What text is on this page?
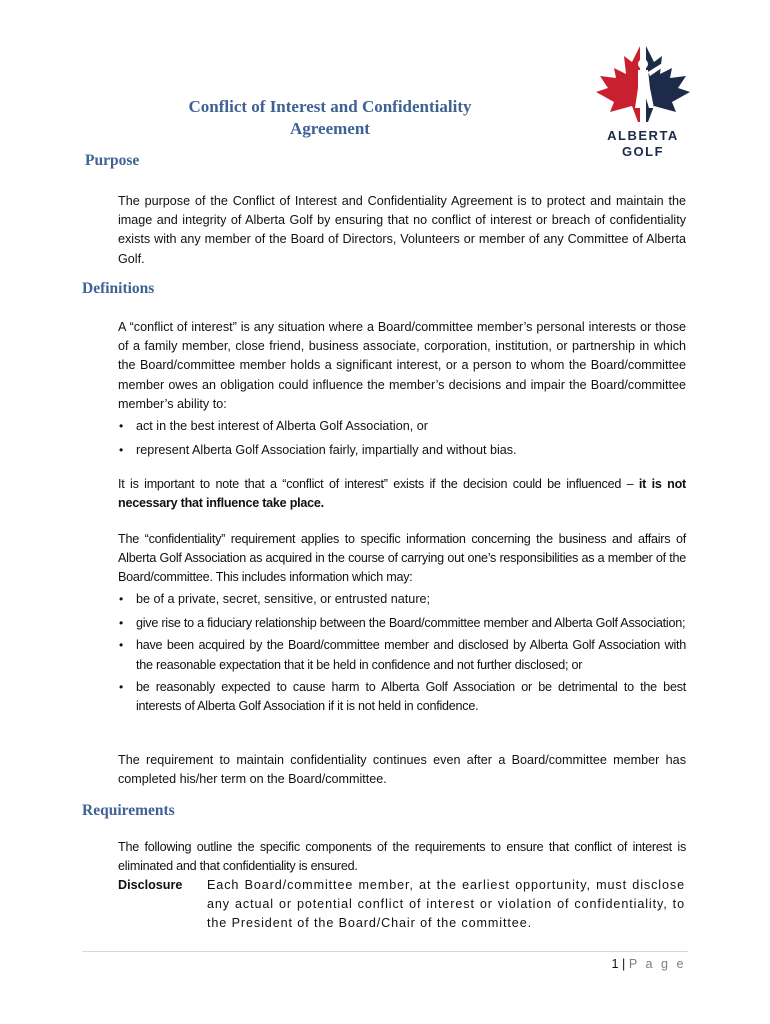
Conflict of Interest and Confidentiality
Agreement	ALBERTA
GOLF
Purpose
The purpose of the Conflict of Interest and Confidentiality Agreement is to protect and maintain the image and integrity of Alberta Golf by ensuring that no conflict of interest or breach of confidentiality exists with any member of the Board of Directors, Volunteers or member of any Committee of Alberta Golf.
Definitions
A “conflict of interest” is any situation where a Board/committee member’s personal interests or those of a family member, close friend, business associate, corporation, institution, or partnership in which the Board/committee member holds a significant interest, or a person to whom the Board/committee member owes an obligation could influence the member’s decisions and impair the Board/committee member’s ability to:
• act in the best interest of Alberta Golf Association, or
• represent Alberta Golf Association fairly, impartially and without bias.
It is important to note that a “conflict of interest” exists if the decision could be influenced – it is not necessary that influence take place.
The “confidentiality” requirement applies to specific information concerning the business and affairs of Alberta Golf Association as acquired in the course of carrying out one’s responsibilities as a member of the Board/committee. This includes information which may:
• be of a private, secret, sensitive, or entrusted nature;
• give rise to a fiduciary relationship between the Board/committee member and Alberta Golf Association;
• have been acquired by the Board/committee member and disclosed by Alberta Golf Association with the reasonable expectation that it be held in confidence and not further disclosed; or
• be reasonably expected to cause harm to Alberta Golf Association or be detrimental to the best interests of Alberta Golf Association if it is not held in confidence.
The requirement to maintain confidentiality continues even after a Board/committee member has completed his/her term on the Board/committee.
Requirements
The following outline the specific components of the requirements to ensure that conflict of interest is eliminated and that confidentiality is ensured.
Disclosure Each Board/committee member, at the earliest opportunity, must disclose any actual or potential conflict of interest or violation of confidentiality, to the President of the Board/Chair of the committee.
1 | P a g e
